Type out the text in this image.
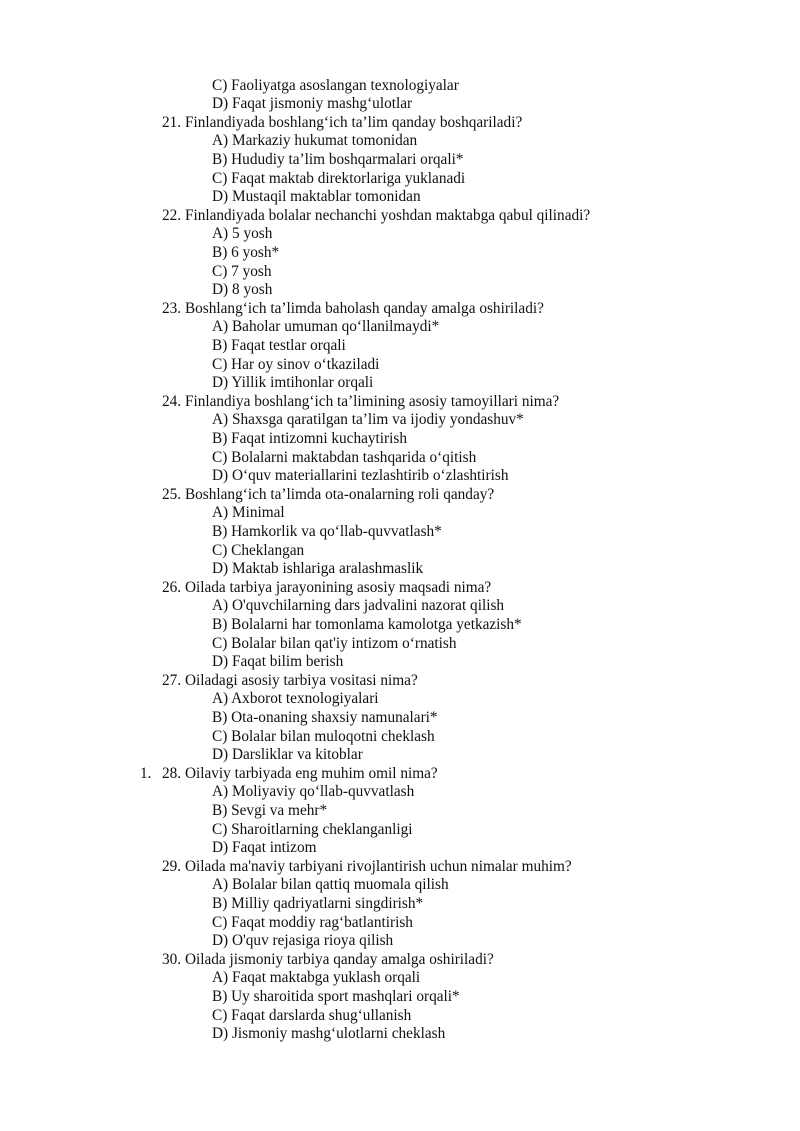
1.
C) Faoliyatga asoslangan texnologiyalar
D) Faqat jismoniy mashg‘ulotlar
21. Finlandiyada boshlang‘ich ta’lim qanday boshqariladi?
A) Markaziy hukumat tomonidan
B) Hududiy ta’lim boshqarmalari orqali*
C) Faqat maktab direktorlariga yuklanadi
D) Mustaqil maktablar tomonidan
22. Finlandiyada bolalar nechanchi yoshdan maktabga qabul qilinadi?
A) 5 yosh
B) 6 yosh*
C) 7 yosh
D) 8 yosh
23. Boshlang‘ich ta’limda baholash qanday amalga oshiriladi?
A) Baholar umuman qo‘llanilmaydi*
B) Faqat testlar orqali
C) Har oy sinov o‘tkaziladi
D) Yillik imtihonlar orqali
24. Finlandiya boshlang‘ich ta’limining asosiy tamoyillari nima?
A) Shaxsga qaratilgan ta’lim va ijodiy yondashuv*
B) Faqat intizomni kuchaytirish
C) Bolalarni maktabdan tashqarida o‘qitish
D) O‘quv materiallarini tezlashtirib o‘zlashtirish
25. Boshlang‘ich ta’limda ota-onalarning roli qanday?
A) Minimal
B) Hamkorlik va qo‘llab-quvvatlash*
C) Cheklangan
D) Maktab ishlariga aralashmaslik
26. Oilada tarbiya jarayonining asosiy maqsadi nima?
A) O'quvchilarning dars jadvalini nazorat qilish
B) Bolalarni har tomonlama kamolotga yetkazish*
C) Bolalar bilan qat'iy intizom o‘rnatish
D) Faqat bilim berish
27. Oiladagi asosiy tarbiya vositasi nima?
A) Axborot texnologiyalari
B) Ota-onaning shaxsiy namunalari*
C) Bolalar bilan muloqotni cheklash
D) Darsliklar va kitoblar
28. Oilaviy tarbiyada eng muhim omil nima?
A) Moliyaviy qo‘llab-quvvatlash
B) Sevgi va mehr*
C) Sharoitlarning cheklanganligi
D) Faqat intizom
29. Oilada ma'naviy tarbiyani rivojlantirish uchun nimalar muhim?
A) Bolalar bilan qattiq muomala qilish
B) Milliy qadriyatlarni singdirish*
C) Faqat moddiy rag‘batlantirish
D) O'quv rejasiga rioya qilish
30. Oilada jismoniy tarbiya qanday amalga oshiriladi?
A) Faqat maktabga yuklash orqali
B) Uy sharoitida sport mashqlari orqali*
C) Faqat darslarda shug‘ullanish
D) Jismoniy mashg‘ulotlarni cheklash
